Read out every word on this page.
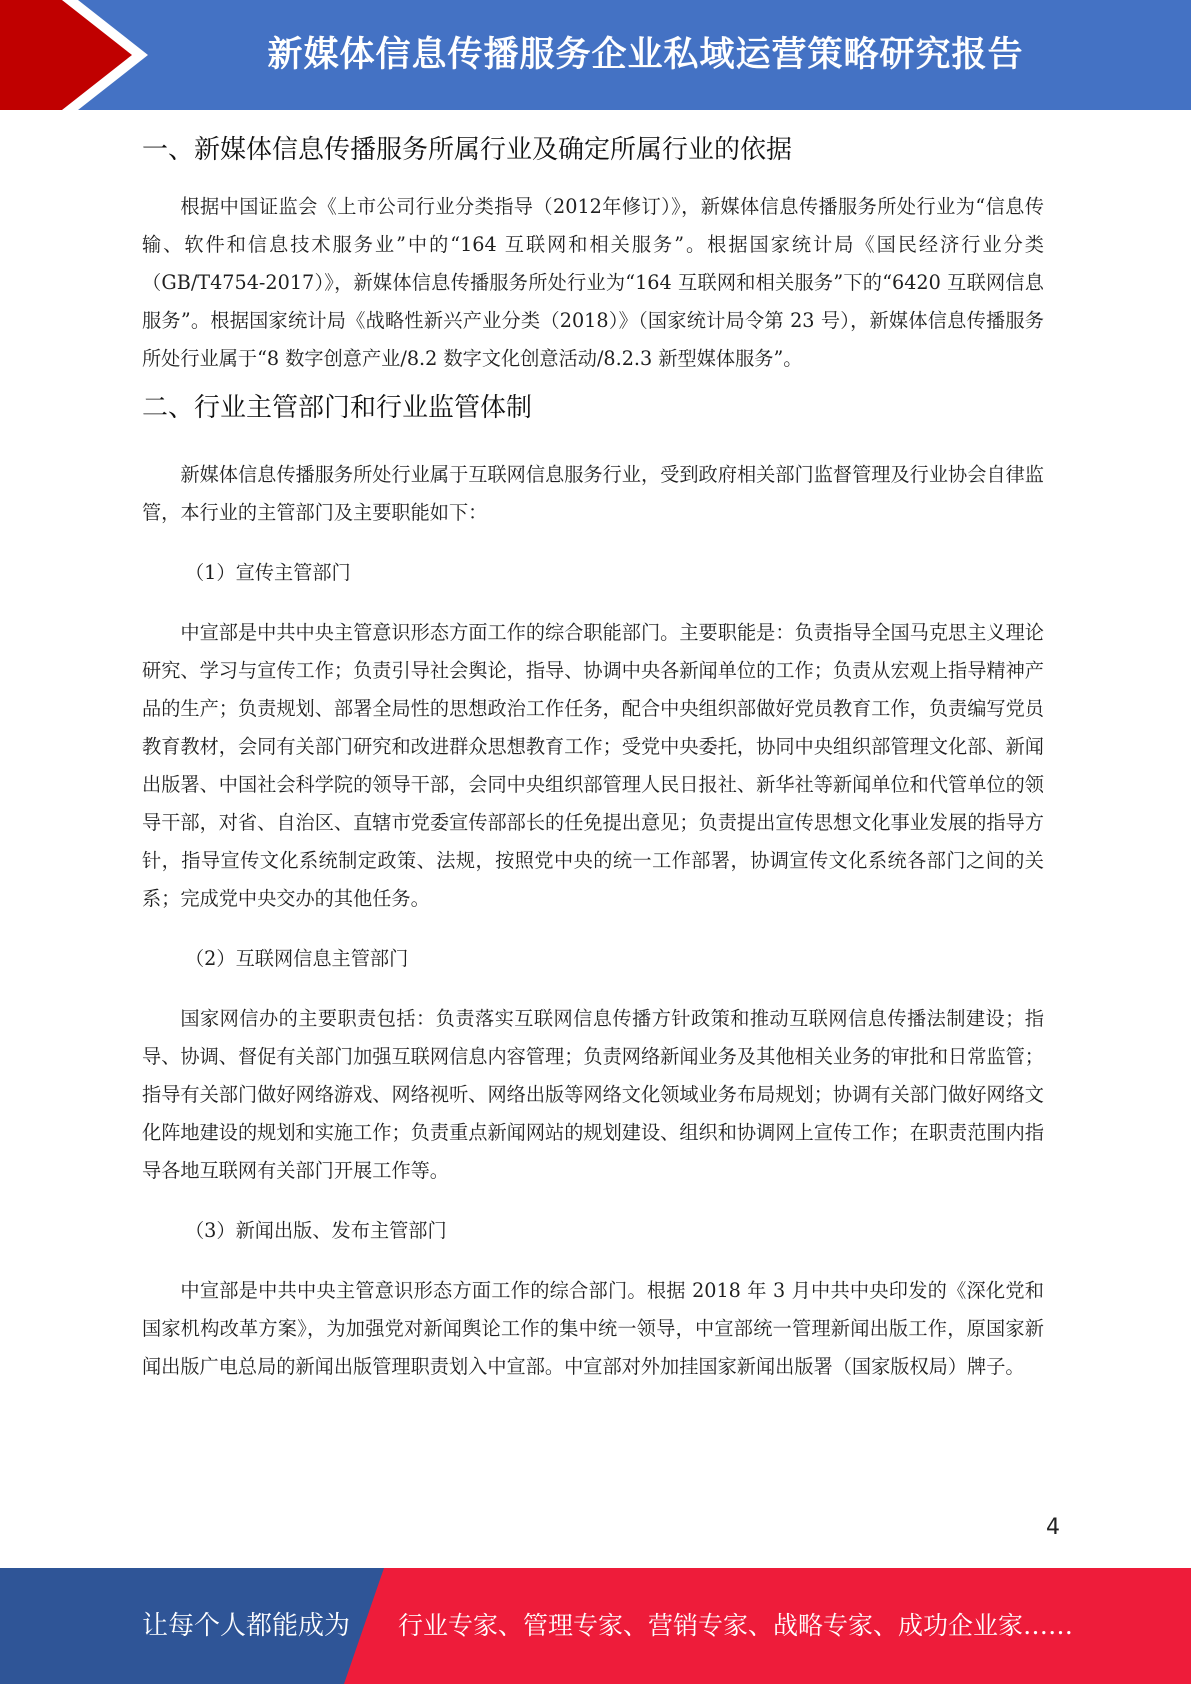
新媒体信息传播服务企业私域运营策略研究报告
一、新媒体信息传播服务所属行业及确定所属行业的依据

根据中国证监会《上市公司行业分类指导（2012年修订）》，新媒体信息传播服务所处行业为“信息传输、软件和信息技术服务业”中的“164 互联网和相关服务”。根据国家统计局《国民经济行业分类（GB/T4754-2017）》，新媒体信息传播服务所处行业为“164 互联网和相关服务”下的“6420 互联网信息服务”。根据国家统计局《战略性新兴产业分类（2018）》（国家统计局令第 23 号），新媒体信息传播服务所处行业属于“8 数字创意产业/8.2 数字文化创意活动/8.2.3 新型媒体服务”。

二、行业主管部门和行业监管体制

新媒体信息传播服务所处行业属于互联网信息服务行业，受到政府相关部门监督管理及行业协会自律监管，本行业的主管部门及主要职能如下：

（1）宣传主管部门

中宣部是中共中央主管意识形态方面工作的综合职能部门。主要职能是：负责指导全国马克思主义理论研究、学习与宣传工作；负责引导社会舆论，指导、协调中央各新闻单位的工作；负责从宏观上指导精神产品的生产；负责规划、部署全局性的思想政治工作任务，配合中央组织部做好党员教育工作，负责编写党员教育教材，会同有关部门研究和改进群众思想教育工作；受党中央委托，协同中央组织部管理文化部、新闻出版署、中国社会科学院的领导干部，会同中央组织部管理人民日报社、新华社等新闻单位和代管单位的领导干部，对省、自治区、直辖市党委宣传部部长的任免提出意见；负责提出宣传思想文化事业发展的指导方针，指导宣传文化系统制定政策、法规，按照党中央的统一工作部署，协调宣传文化系统各部门之间的关系；完成党中央交办的其他任务。

（2）互联网信息主管部门

国家网信办的主要职责包括：负责落实互联网信息传播方针政策和推动互联网信息传播法制建设；指导、协调、督促有关部门加强互联网信息内容管理；负责网络新闻业务及其他相关业务的审批和日常监管；指导有关部门做好网络游戏、网络视听、网络出版等网络文化领域业务布局规划；协调有关部门做好网络文化阵地建设的规划和实施工作；负责重点新闻网站的规划建设、组织和协调网上宣传工作；在职责范围内指导各地互联网有关部门开展工作等。

（3）新闻出版、发布主管部门

中宣部是中共中央主管意识形态方面工作的综合部门。根据 2018 年 3 月中共中央印发的《深化党和国家机构改革方案》，为加强党对新闻舆论工作的集中统一领导，中宣部统一管理新闻出版工作，原国家新闻出版广电总局的新闻出版管理职责划入中宣部。中宣部对外加挂国家新闻出版署（国家版权局）牌子。

4
让每个人都能成为 行业专家、管理专家、营销专家、战略专家、成功企业家……
